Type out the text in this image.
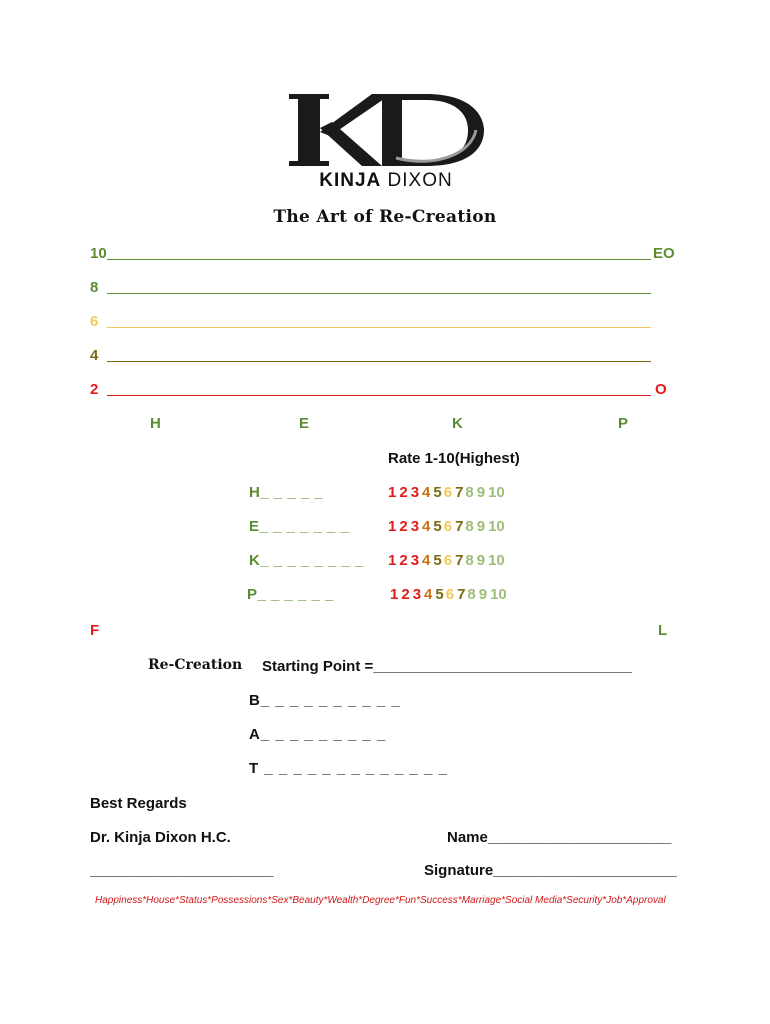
KINJA DIXON
The Art of Re-Creation
10	EO
8
6
4
2	O
H	E	K	P
Rate 1-10(Highest)
H_ _ _ _ _	1 2 3 4 5 6 7 8 9 10
E_ _ _ _ _ _ _	1 2 3 4 5 6 7 8 9 10
K_ _ _ _ _ _ _ _ 1 2 3 4 5 6 7 8 9 10
P_ _ _ _ _ _	1 2 3 4 5 6 7 8 9 10
F	L
Re-Creation Starting Point =_______________________________
B_ _ _ _ _ _ _ _ _ _
A_ _ _ _ _ _ _ _ _
T _ _ _ _ _ _ _ _ _ _ _ _ _
Best Regards
Dr. Kinja Dixon H.C.	Name______________________
______________________	Signature______________________
Happiness*House*Status*Possessions*Sex*Beauty*Wealth*Degree*Fun*Success*Marriage*Social Media*Security*Job*Approval
